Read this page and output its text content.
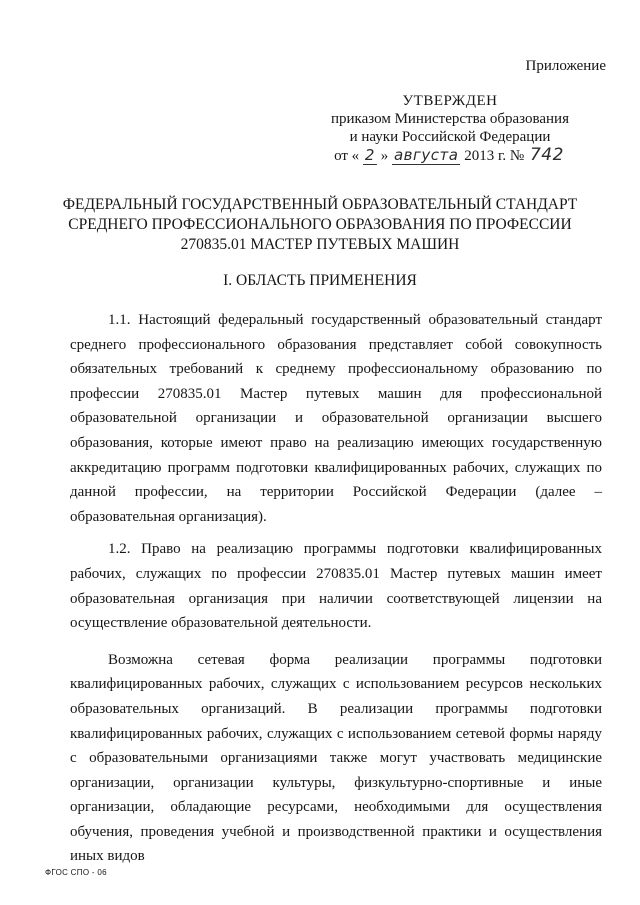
Приложение
УТВЕРЖДЕН
приказом Министерства образования
и науки Российской Федерации
от « 2 » августа 2013 г. № 742
ФЕДЕРАЛЬНЫЙ ГОСУДАРСТВЕННЫЙ ОБРАЗОВАТЕЛЬНЫЙ СТАНДАРТ
СРЕДНЕГО ПРОФЕССИОНАЛЬНОГО ОБРАЗОВАНИЯ ПО ПРОФЕССИИ
270835.01 МАСТЕР ПУТЕВЫХ МАШИН
I. ОБЛАСТЬ ПРИМЕНЕНИЯ

1.1. Настоящий федеральный государственный образовательный стандарт среднего профессионального образования представляет собой совокупность обязательных требований к среднему профессиональному образованию по профессии 270835.01 Мастер путевых машин для профессиональной образовательной организации и образовательной организации высшего образования, которые имеют право на реализацию имеющих государственную аккредитацию программ подготовки квалифицированных рабочих, служащих по данной профессии, на территории Российской Федерации (далее – образовательная организация).

1.2. Право на реализацию программы подготовки квалифицированных рабочих, служащих по профессии 270835.01 Мастер путевых машин имеет образовательная организация при наличии соответствующей лицензии на осуществление образовательной деятельности.

Возможна сетевая форма реализации программы подготовки квалифицированных рабочих, служащих с использованием ресурсов нескольких образовательных организаций. В реализации программы подготовки квалифицированных рабочих, служащих с использованием сетевой формы наряду с образовательными организациями также могут участвовать медицинские организации, организации культуры, физкультурно-спортивные и иные организации, обладающие ресурсами, необходимыми для осуществления обучения, проведения учебной и производственной практики и осуществления иных видов

ФГОС СПО - 06
